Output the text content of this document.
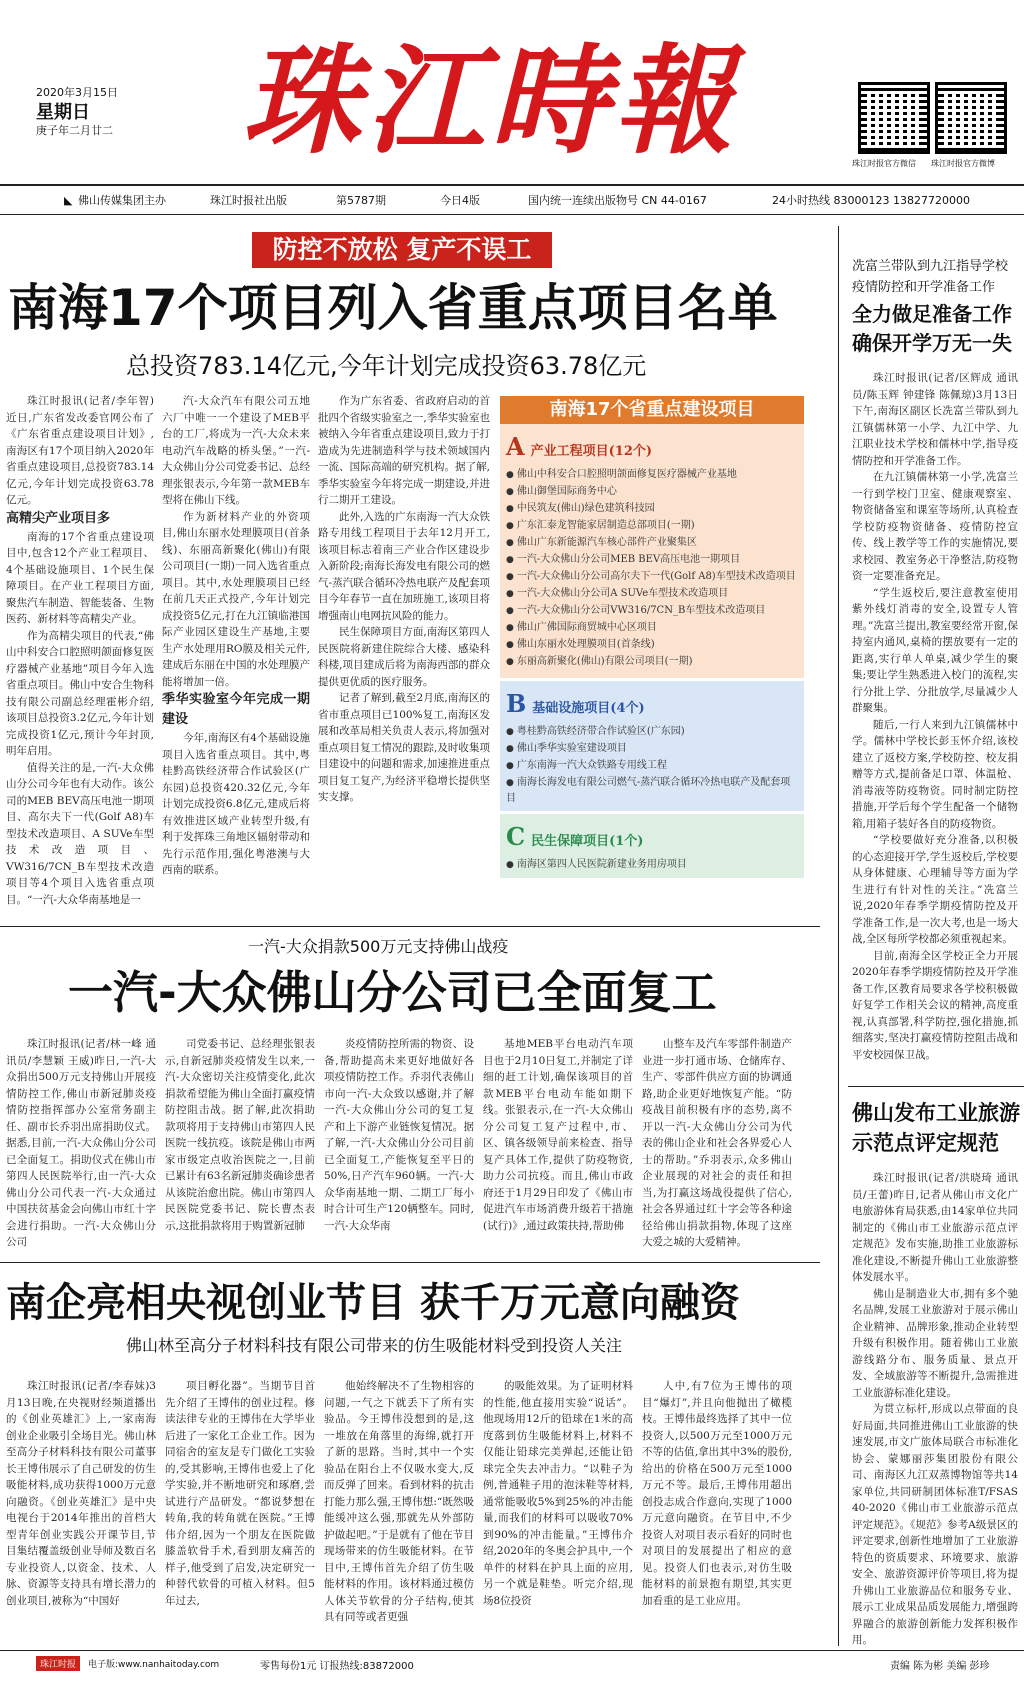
2020年3月15日
星期日
庚子年二月廿二 珠江時報	珠江时报官方微信 珠江时报官方微博
◣ 佛山传媒集团主办	珠江时报社出版	第5787期	今日4版	国内统一连续出版物号 CN 44-0167	24小时热线 83000123 13827720000
防控不放松 复产不误工
南海17个项目列入省重点项目名单
总投资783.14亿元,今年计划完成投资63.78亿元

珠江时报讯(记者/李年智)近日,广东省发改委官网公布了《广东省重点建设项目计划》,南海区有17个项目纳入2020年省重点建设项目,总投资783.14亿元,今年计划完成投资63.78亿元。

高精尖产业项目多

南海的17个省重点建设项目中,包含12个产业工程项目、4个基础设施项目、1个民生保障项目。在产业工程项目方面,聚焦汽车制造、智能装备、生物医药、新材料等高精尖产业。

作为高精尖项目的代表,“佛山中科安合口腔照明颌面修复医疗器械产业基地”项目今年入选省重点项目。佛山中安合生物科技有限公司副总经理霍彬介绍,该项目总投资3.2亿元,今年计划完成投资1亿元,预计今年封顶,明年启用。

值得关注的是,一汽-大众佛山分公司今年也有大动作。该公司的MEB BEV高压电池一期项目、高尔夫下一代(Golf A8)车型技术改造项目、A SUVe车型技术改造项目、VW316/7CN_B车型技术改造项目等4个项目入选省重点项目。“一汽-大众华南基地是一

汽-大众汽车有限公司五地六厂中唯一一个建设了MEB平台的工厂,将成为一汽-大众未来电动汽车战略的桥头堡。”一汽-大众佛山分公司党委书记、总经理张银表示,今年第一款MEB车型将在佛山下线。

作为新材料产业的外资项目,佛山东丽水处理膜项目(首条线)、东丽高新聚化(佛山)有限公司项目(一期)一同入选省重点项目。其中,水处理膜项目已经在前几天正式投产,今年计划完成投资5亿元,打在九江镇临港国际产业园区建设生产基地,主要生产水处理用RO膜及相关元件,建成后东丽在中国的水处理膜产能将增加一倍。

季华实验室今年完成一期建设

今年,南海区有4个基础设施项目入选省重点项目。其中,粤桂黔高铁经济带合作试验区(广东园)总投资420.32亿元,今年计划完成投资6.8亿元,建成后将有效推进区域产业转型升级,有利于发挥珠三角地区辐射带动和先行示范作用,强化粤港澳与大西南的联系。

作为广东省委、省政府启动的首批四个省级实验室之一,季华实验室也被纳入今年省重点建设项目,致力于打造成为先进制造科学与技术领域国内一流、国际高端的研究机构。据了解,季华实验室今年将完成一期建设,并进行二期开工建设。

此外,入选的广东南海一汽大众铁路专用线工程项目于去年12月开工,该项目标志着南三产业合作区建设步入新阶段;南海长海发电有限公司的燃气-蒸汽联合循环冷热电联产及配套项目今年春节一直在加班施工,该项目将增强南山电网抗风险的能力。

民生保障项目方面,南海区第四人民医院将新建住院综合大楼、感染科科楼,项目建成后将为南海西部的群众提供更优质的医疗服务。

记者了解到,截至2月底,南海区的省市重点项目已100%复工,南海区发展和改革局相关负责人表示,将加强对重点项目复工情况的跟踪,及时收集项目建设中的问题和需求,加速推进重点项目复工复产,为经济平稳增长提供坚实支撑。

南海17个省重点建设项目
A产业工程项目(12个)
● 佛山中科安合口腔照明颌面修复医疗器械产业基地
● 佛山御堡国际商务中心
● 中民筑友(佛山)绿色建筑科技园
● 广东汇泰龙智能家居制造总部项目(一期)
● 佛山广东新能源汽车核心部件产业聚集区
● 一汽-大众佛山分公司MEB BEV高压电池一期项目
● 一汽-大众佛山分公司高尔夫下一代(Golf A8)车型技术改造项目
● 一汽-大众佛山分公司A SUVe车型技术改造项目
● 一汽-大众佛山分公司VW316/7CN_B车型技术改造项目
● 佛山广佛国际商贸城中心区项目
● 佛山东丽水处理膜项目(首条线)
● 东丽高新聚化(佛山)有限公司项目(一期)
B基础设施项目(4个)
● 粤桂黔高铁经济带合作试验区(广东园)
● 佛山季华实验室建设项目
● 广东南海一汽大众铁路专用线工程
● 南海长海发电有限公司燃气-蒸汽联合循环冷热电联产及配套项目
C民生保障项目(1个)
● 南海区第四人民医院新建业务用房项目
一汽-大众捐款500万元支持佛山战疫
一汽-大众佛山分公司已全面复工

珠江时报讯(记者/林一峰 通讯员/李慧颖 王威)昨日,一汽-大众捐出500万元支持佛山开展疫情防控工作,佛山市新冠肺炎疫情防控指挥部办公室常务副主任、副市长乔羽出席捐助仪式。据悉,目前,一汽-大众佛山分公司已全面复工。捐助仪式在佛山市第四人民医院举行,由一汽-大众佛山分公司代表一汽-大众通过中国扶贫基金会向佛山市红十字会进行捐助。一汽-大众佛山分公司

司党委书记、总经理张银表示,自新冠肺炎疫情发生以来,一汽-大众密切关注疫情变化,此次捐款希望能为佛山全面打赢疫情防控阻击战。据了解,此次捐助款项将用于支持佛山市第四人民医院一线抗疫。该院是佛山市两家市级定点收治医院之一,目前已累计有63名新冠肺炎确诊患者从该院治愈出院。佛山市第四人民医院党委书记、院长曹杰表示,这批捐款将用于购置新冠肺

炎疫情防控所需的物资、设备,帮助提高未来更好地做好各项疫情防控工作。乔羽代表佛山市向一汽-大众致以感谢,并了解一汽-大众佛山分公司的复工复产和上下游产业链恢复情况。据了解,一汽-大众佛山分公司目前已全面复工,产能恢复至平日的50%,日产汽车960辆。一汽-大众华南基地一期、二期工厂每小时合计可生产120辆整车。同时,一汽-大众华南

基地MEB平台电动汽车项目也于2月10日复工,并制定了详细的赶工计划,确保该项目的首款MEB平台电动车能如期下线。张银表示,在一汽-大众佛山分公司复工复产过程中,市、区、镇各级领导前来检查、指导复产具体工作,提供了防疫物资,助力公司抗疫。而且,佛山市政府还于1月29日印发了《佛山市促进汽车市场消费升级若干措施(试行)》,通过政策扶持,帮助佛

山整车及汽车零部件制造产业进一步打通市场、仓储库存、生产、零部件供应方面的协调通路,助企业更好地恢复产能。“防疫战目前积极有序的态势,离不开以一汽-大众佛山分公司为代表的佛山企业和社会各界爱心人士的帮助。”乔羽表示,众多佛山企业展现的对社会的责任和担当,为打赢这场战役提供了信心,社会各界通过红十字会等各种途径给佛山捐款捐物,体现了这座大爱之城的大爱精神。

南企亮相央视创业节目 获千万元意向融资
佛山林至高分子材料科技有限公司带来的仿生吸能材料受到投资人关注

珠江时报讯(记者/李春妹)3月13日晚,在央视财经频道播出的《创业英雄汇》上,一家南海创业企业吸引全场目光。佛山林至高分子材料科技有限公司董事长王博伟展示了自己研发的仿生吸能材料,成功获得1000万元意向融资。《创业英雄汇》是中央电视台于2014年推出的首档大型青年创业实践公开课节目,节目集结覆盖级创业导师及数百名专业投资人,以资金、技术、人脉、资源等支持具有增长潜力的创业项目,被称为“中国好

项目孵化器”。当期节目首先介绍了王博伟的创业过程。修读法律专业的王博伟在大学毕业后进了一家化工企业工作。因为同宿舍的室友是专门做化工实验的,受其影响,王博伟也爱上了化学实验,并不断地研究和琢磨,尝试进行产品研发。“都说梦想在转角,我的转角就在医院。”王博伟介绍,因为一个朋友在医院做膝盖软骨手术,看到朋友痛苦的样子,他受到了启发,决定研究一种替代软骨的可植入材料。但5年过去,

他始终解决不了生物相容的问题,一气之下就丢下了所有实验品。今王博伟没想到的是,这一堆放在角落里的海绵,就打开了新的思路。当时,其中一个实验品在阳台上不仅吸水变大,反而反弹了回来。看到材料的抗击打能力那么强,王博伟想:“既然吸能缓冲这么强,那就先从外部防护做起吧。”于是就有了他在节目现场带来的仿生吸能材料。在节目中,王博伟首先介绍了仿生吸能材料的作用。该材料通过模仿人体关节软骨的分子结构,使其具有同等或者更强

的吸能效果。为了证明材料的性能,他直接用实验“说话”。他现场用12斤的铅球在1米的高度落到仿生吸能材料上,材料不仅能让铅球完美弹起,还能让铅球完全失去冲击力。“以鞋子为例,普通鞋子用的泡沫鞋等材料,通常能吸收5%到25%的冲击能量,而我们的材料可以吸收70%到90%的冲击能量。”王博伟介绍,2020年的冬奥会护具中,一个单件的材料在护具上面的应用,另一个就是鞋垫。听完介绍,现场8位投资

人中,有7位为王博伟的项目“爆灯”,并且向他抛出了橄榄枝。王博伟最终选择了其中一位投资人,以500万元至1000万元不等的估值,拿出其中3%的股份,给出的价格在500万元至1000万元不等。最后,王博伟用超出创投志成合作意向,实现了1000万元意向融资。在节目中,不少投资人对项目表示看好的同时也对项目的发展提出了相应的意见。投资人们也表示,对仿生吸能材料的前景抱有期望,其实更加看重的是工业应用。

冼富兰带队到九江指导学校疫情防控和开学准备工作
全力做足准备工作 确保开学万无一失

珠江时报讯(记者/区辉成 通讯员/陈玉辉 钟建锋 陈佩琼)3月13日下午,南海区副区长冼富兰带队到九江镇儒林第一小学、九江中学、九江职业技术学校和儒林中学,指导疫情防控和开学准备工作。

在九江镇儒林第一小学,冼富兰一行到学校门卫室、健康观察室、物资储备室和课室等场所,认真检查学校防疫物资储备、疫情防控宣传、线上教学等工作的实施情况,要求校园、教室务必干净整洁,防疫物资一定要准备充足。

“学生返校后,要注意教室使用紫外线灯消毒的安全,设置专人管理。”冼富兰提出,教室要经常开窗,保持室内通风,桌椅的摆放要有一定的距离,实行单人单桌,减少学生的聚集;要让学生熟悉进入校门的流程,实行分批上学、分批放学,尽量减少人群聚集。

随后,一行人来到九江镇儒林中学。儒林中学校长彭玉怀介绍,该校建立了返校方案,学校防控、校友捐赠等方式,提前备足口罩、体温枪、消毒液等防疫物资。同时制定防控措施,开学后每个学生配备一个储物箱,用箱子装好各自的防疫物资。

“学校要做好充分准备,以积极的心态迎接开学,学生返校后,学校要从身体健康、心理辅导等方面为学生进行有针对性的关注。”冼富兰说,2020年春季学期疫情防控及开学准备工作,是一次大考,也是一场大战,全区每所学校都必须重视起来。

目前,南海全区学校正全力开展2020年春季学期疫情防控及开学准备工作,区教育局要求各学校积极做好复学工作相关会议的精神,高度重视,认真部署,科学防控,强化措施,抓细落实,坚决打赢疫情防控阻击战和平安校园保卫战。

佛山发布工业旅游示范点评定规范

珠江时报讯(记者/洪晓琦 通讯员/王蕾)昨日,记者从佛山市文化广电旅游体育局获悉,由14家单位共同制定的《佛山市工业旅游示范点评定规范》发布实施,助推工业旅游标准化建设,不断提升佛山工业旅游整体发展水平。

佛山是制造业大市,拥有多个驰名品牌,发展工业旅游对于展示佛山企业精神、品牌形象,推动企业转型升级有积极作用。随着佛山工业旅游线路分布、服务质量、景点开发、全域旅游等不断提升,急需推进工业旅游标准化建设。

为贯立标杆,形成以点带面的良好局面,共同推进佛山工业旅游的快速发展,市文广旅体局联合市标准化协会、蒙娜丽莎集团股份有限公司、南海区九江双蒸博物馆等共14家单位,共同研制团体标准T/FSAS 40-2020《佛山市工业旅游示范点评定规范》。《规范》参考A级景区的评定要求,创新性地增加了工业旅游特色的资质要求、环境要求、旅游安全、旅游资源评价等项目,将为提升佛山工业旅游品位和服务专业、展示工业成果品质发展能力,增强跨界融合的旅游创新能力发挥积极作用。

珠江时报	电子版:www.nanhaitoday.com	零售每份1元 订报热线:83872000	责编 陈为彬 美编 彭珍
